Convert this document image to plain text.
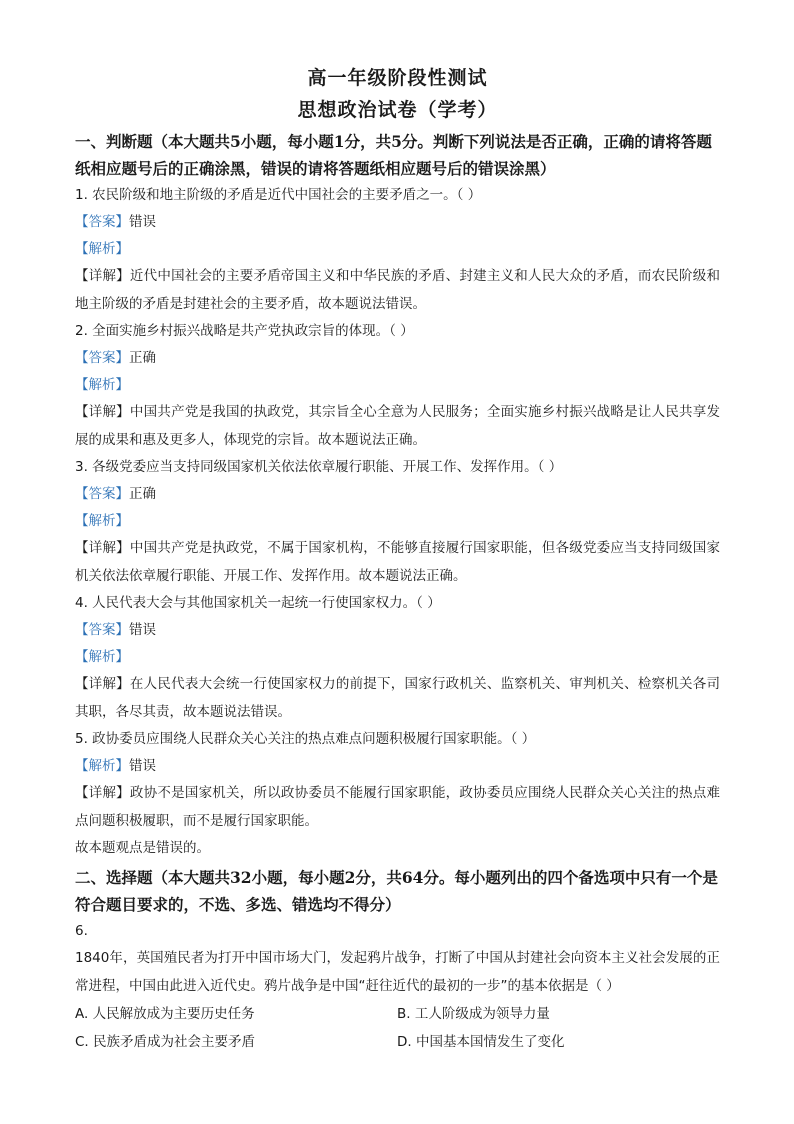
高一年级阶段性测试
思想政治试卷（学考）
一、判断题（本大题共5小题，每小题1分，共5分。判断下列说法是否正确，正确的请将答题纸相应题号后的正确涂黑，错误的请将答题纸相应题号后的错误涂黑）
1. 农民阶级和地主阶级的矛盾是近代中国社会的主要矛盾之一。（ ）
【答案】错误
【解析】
【详解】近代中国社会的主要矛盾帝国主义和中华民族的矛盾、封建主义和人民大众的矛盾，而农民阶级和地主阶级的矛盾是封建社会的主要矛盾，故本题说法错误。
2. 全面实施乡村振兴战略是共产党执政宗旨的体现。（ ）
【答案】正确
【解析】
【详解】中国共产党是我国的执政党，其宗旨全心全意为人民服务；全面实施乡村振兴战略是让人民共享发展的成果和惠及更多人，体现党的宗旨。故本题说法正确。
3. 各级党委应当支持同级国家机关依法依章履行职能、开展工作、发挥作用。（ ）
【答案】正确
【解析】
【详解】中国共产党是执政党，不属于国家机构，不能够直接履行国家职能，但各级党委应当支持同级国家机关依法依章履行职能、开展工作、发挥作用。故本题说法正确。
4. 人民代表大会与其他国家机关一起统一行使国家权力。（ ）
【答案】错误
【解析】
【详解】在人民代表大会统一行使国家权力的前提下，国家行政机关、监察机关、审判机关、检察机关各司其职，各尽其责，故本题说法错误。
5. 政协委员应围绕人民群众关心关注的热点难点问题积极履行国家职能。（ ）
【解析】错误
【详解】政协不是国家机关，所以政协委员不能履行国家职能，政协委员应围绕人民群众关心关注的热点难点问题积极履职，而不是履行国家职能。
故本题观点是错误的。
二、选择题（本大题共32小题，每小题2分，共64分。每小题列出的四个备选项中只有一个是符合题目要求的，不选、多选、错选均不得分）
6.
1840年，英国殖民者为打开中国市场大门，发起鸦片战争，打断了中国从封建社会向资本主义社会发展的正常进程，中国由此进入近代史。鸦片战争是中国“赶往近代的最初的一步”的基本依据是（ ）
A. 人民解放成为主要历史任务	B. 工人阶级成为领导力量
C. 民族矛盾成为社会主要矛盾	D. 中国基本国情发生了变化
